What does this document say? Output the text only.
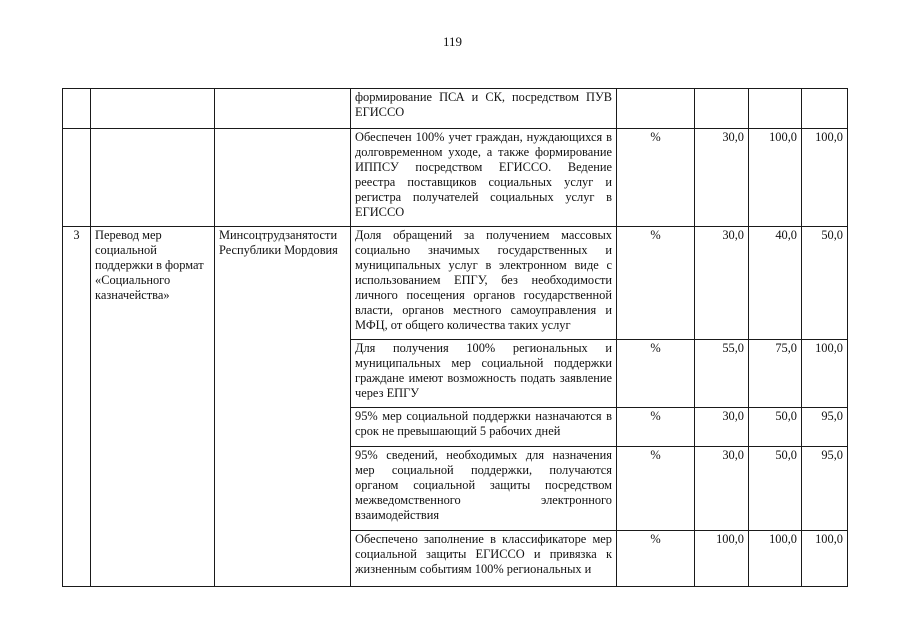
119
			формирование ПСА и СК, посредством ПУВ ЕГИССО				
			Обеспечен 100% учет граждан, нуждающихся в долговременном уходе, а также формирование ИППСУ посредством ЕГИССО. Ведение реестра поставщиков социальных услуг и регистра получателей социальных услуг в ЕГИССО	%	30,0	100,0	100,0
3	Перевод мер социальной поддержки в формат «Социального казначейства»	Минсоцтрудзанятости Республики Мордовия	Доля обращений за получением массовых социально значимых государственных и муниципальных услуг в электронном виде с использованием ЕПГУ, без необходимости личного посещения органов государственной власти, органов местного самоуправления и МФЦ, от общего количества таких услуг	%	30,0	40,0	50,0
			Для получения 100% региональных и муниципальных мер социальной поддержки граждане имеют возможность подать заявление через ЕПГУ	%	55,0	75,0	100,0
			95% мер социальной поддержки назначаются в срок не превышающий 5 рабочих дней	%	30,0	50,0	95,0
			95% сведений, необходимых для назначения мер социальной поддержки, получаются органом социальной защиты посредством межведомственного электронного взаимодействия	%	30,0	50,0	95,0
			Обеспечено заполнение в классификаторе мер социальной защиты ЕГИССО и привязка к жизненным событиям 100% региональных и	%	100,0	100,0	100,0
